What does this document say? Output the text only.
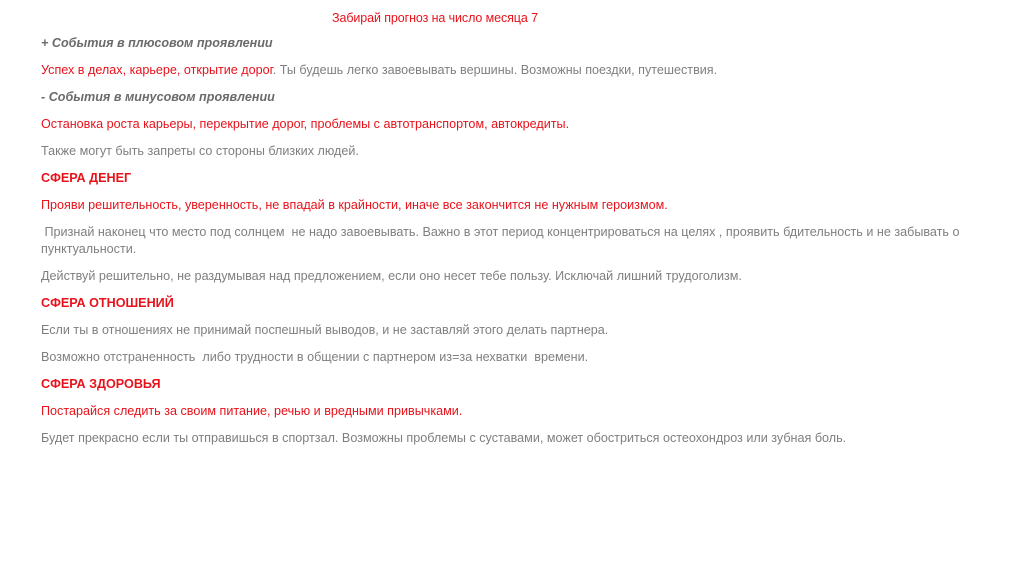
Забирай прогноз на число месяца 7

+ События в плюсовом проявлении

Успех в делах, карьере, открытие дорог. Ты будешь легко завоевывать вершины. Возможны поездки, путешествия.

- События в минусовом проявлении

Остановка роста карьеры, перекрытие дорог, проблемы с автотранспортом, автокредиты.

Также могут быть запреты со стороны близких людей.

СФЕРА ДЕНЕГ

Прояви решительность, уверенность, не впадай в крайности, иначе все закончится не нужным героизмом.

Признай наконец что место под солнцем  не надо завоевывать. Важно в этот период концентрироваться на целях , проявить бдительность и не забывать о пунктуальности.

Действуй решительно, не раздумывая над предложением, если оно несет тебе пользу. Исключай лишний трудоголизм.

СФЕРА ОТНОШЕНИЙ

Если ты в отношениях не принимай поспешный выводов, и не заставляй этого делать партнера.

Возможно отстраненность  либо трудности в общении с партнером из=за нехватки  времени.

СФЕРА ЗДОРОВЬЯ

Постарайся следить за своим питание, речью и вредными привычками.

Будет прекрасно если ты отправишься в спортзал. Возможны проблемы с суставами, может обостриться остеохондроз или зубная боль.
